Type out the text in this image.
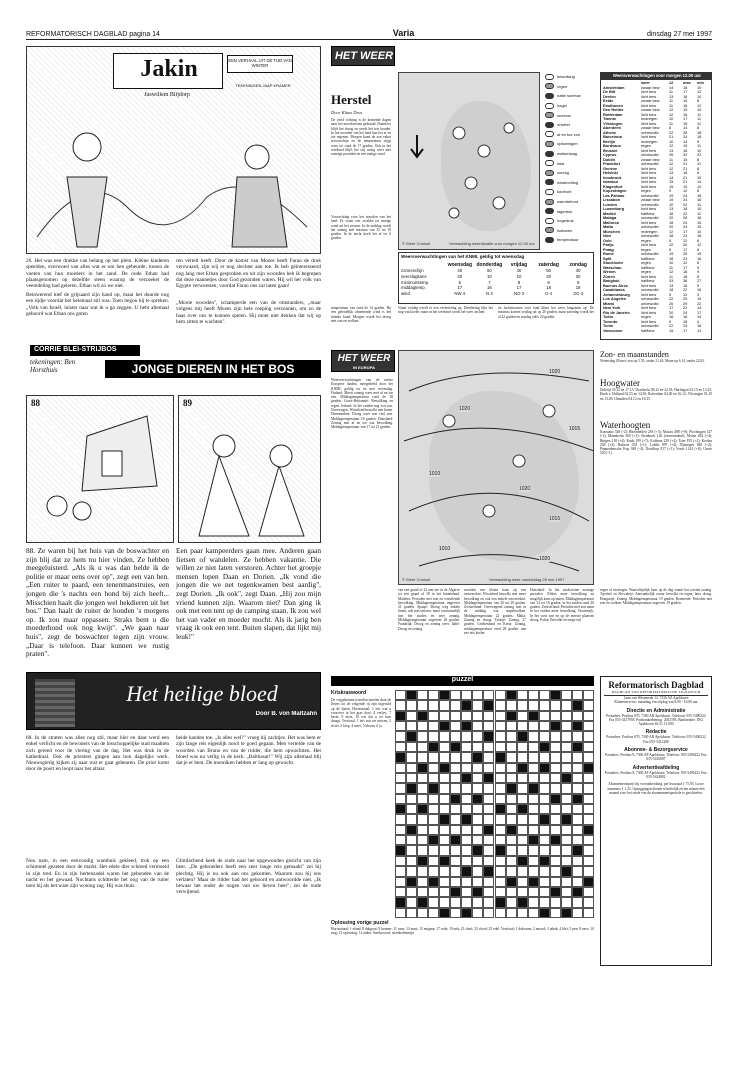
REFORMATORISCH DAGBLAD pagina 14	Varia	dinsdag 27 mei 1997
Jakin	EEN VERHAAL UIT DE TIJD VAN WINTER
Juswillem Blijdorp
TEKENINGEN JAAP KRAMER
26. Het was een drukke van belang op het plein. Kleine kinderen speelden, overwoed van alles wat er om hen gebeurde, tussen de voeten van hun moeders in het zand. De oude Ethan had plaatsgenomen op dezelfde steen waarop de verzoeker de veemdeling had geleren. Ethan wil zo we niet.
ren vertelt heeft. Door de komst van Mozes heeft Farao de druk verzwaard, zijn wij er nog slechter aan toe. Ik heb geïnteresseerd nog lang met Ethan gesproken en uit zijn woorden heb ik begrepen dat deze mannetjes door God gezonden waren. Hij wil het volk van Egypte verwoesten, voordat Farao ons zal laten gaan!
Beinwerend hief de grijsaard zijn hand op, maar het duurde nog een tijdje voordat het helemaal stil was. Toen begon hij te spreken. „Volk van Israël, luister naar wat ik u ga zeggen. U hebt allemaal gehoord wat Ethan ons goten
„Mooie woorden", schamperde een van de omstanders, „maar volgens mij heeft Mozes zijn hele roeping verzonnen, om zo de baas over ons te kunnen spelen. Hij moet niet denken dat wij op hem zitten te wachten".
CORRIE BLEI-STRIJBOS
tekeningen: Ben Horsthuis	JONGE DIEREN IN HET BOS
88	89
88. Ze waren bij het huis van de boswachter en zijn blij dat ze hem nu hier vinden. Ze hebben meegeluisterd. „Als ik u was dan belde ik de politie er maar eens over op", zegt een van hen. „Een ruiter te paard, een tenenmanstruies, een jongen die 's nachts een hond bij zich heeft... Misschien haalt die jongen wel hekdieren uit het bos." Dan haalt de ruiter de honden 's morgens op. Ik zou maar oppassen. Straks bent u die moederhond ook nog kwijt". „We gaan naar huis", zegt de boswachter tegen zijn vrouw. „Daar is telefoon. Daar kunnen we rustig praten".
Een paar kampeerders gaan mee. Anderen gaan fietsen of wandelen. Ze hebben vakantie. Die willen ze niet laten verstoren. Achter het groepje mensen lopen Daan en Dorien. „Ik vond die jongen die we net tegenkwamen best aardig", zegt Dorien. „Ik ook", zegt Daan. „Hij zou mijn vriend kunnen zijn. Waarom niet? Dan ging ik ook met een tent op de camping staan. Ik zou wel het van vader en moeder mocht. Als ik jarig ben vraag ik ook een tent. Buiten slapen, dat lijkt mij leuk!"
Het heilige bloed
Door B. von Maltzahn
68. In de straten was alles nog stil, maar hier en daar werd een enkel verlicht en de bewoners van de bisschoppelijke stad maakten zich gereed voor de viering van de dag. Het was druk in de kathedraal. Ook de priesters gingen aan hun dagelijks werk. Nieuwsgierig kijken zij naar wat er gaat gebeuren. De prior komt door de poort en loopt naar het altaar.
beide handen toe. „Is alles wel?" vroeg hij zachtjes. Het was hem er zijn lange reis eigenlijk nooit te goed gegaan. Men vertelde van de woorden van Bruno en van de ridder, die hem opwachtten. Het bloed was nu veilig in de kerk. „Balthasar!" Wij zijn allemaal blij dat je er bent. De monniken hebben er lang op gewacht.
Non nam, in een eenvoudig wambuis gekleed, trok op een schimmel gezeten door de markt. Het edele dier schreed vermoeid in zijn tred. En in zijn hertenzadel waren het gebonden van de nacht en het gewaad. Nochtans schitterde het oog van de ruiter toen hij als het ware zijn woning zag. Hij was thuis.
Glimlachend keek de oude naar het opgewonden gezicht van zijn heer. „De gebroeders heeft een zeer lange reis gemaakt" zei hij plechtig. Hij is nu ook aan ons gekomen. Waarom zou hij ons verlaten? Maar de ridder had het gehoord en antwoordde niet. „Ik bewaar het onder de oogen van uw lieven heer", zei de oude verwijtend.
HET WEER
Herstel
Door Klaas Dros
De wind richting is de komende dagen naar het noordwesten gedraaid. Daardoor blijft het droog en wordt het iets kouder. In het noorden van het land kan het af en toe regenen. Morgen komt de zon vaker tevoorschijn en de temperatuur stijgt weer tot rond de 17 graden. Ook in het weekend blijft het vrij rustig weer met zonnige perioden en een matige wind.
Verwachting voor het noorden van het land. Er waait een zwakke tot matige wind uit het westen. In de middag wordt het zonnig met maxima van 15 tot 18 graden. In de nacht koelt het af tot 6 graden.
© Weer Consult	Verwachting weersituatie voor morgen 12.00 uur
bewolking
regen
natte sneeuw
hagel
sneeuw
onweer
af en toe zon
opklaringen
wolkenlaag
mist
zonnig
windrichting
koufront
warmtefront
lagedruk
hogedruk
isobaren
temperatuur
Weersverwachtingen van het KNMI, geldig tot woensdag
woensdag donderdag	vrijdag	zaterdag	zondag
zonneschijn	40	50	40	50	40
neerslagkans	20	10	10	20	30
minimumtemp.	6	7	8	8	9
middagtemp.	17	16	17	18	18
wind	NW 4	N 3	NO 3	O 4	ZO 4
temperatuur van rond de 14 graden. Bij een geleidelijk afnemende wind is het minder koud. Morgen wordt het droog met zon en wolken.
Vanaf vrijdag treedt er een verbetering op. Donderdag lijkt het nog wat koeler, maar in het weekend wordt het weer zachter.
en luchtstromen over land klimt het weer langzaam op. De maxima komen vrijdag uit op 20 graden, maar zaterdag wordt het al 22 graden en zondag zelfs 24 graden.
Weersverwachtingen voor morgen 12.00 uur
weer	12	max	min
Amsterdam	zwaar bew	14	18	10
De Bilt	licht bew	11	17	12
Deelen	licht bew	13	16	10
Eelde	zwaar bew	11	15	8
Eindhoven	licht bew	11	18	12
Den Helder	zwaar bew	12	15	10
Rotterdam	licht bew	12	18	11
Twente	motregen	10	17	11
Vlissingen	licht bew	11	15	11
Aberdeen	zwaar bew	8	14	8
Athene	onbewolkt	22	28	18
Barcelona	licht bew	21	24	18
Berlijn	motregen	10	14	9
Bordeaux	regen	12	19	11
Brussel	licht bew	13	18	10
Cyprus	onbewolkt	26	32	22
Dublin	zwaar bew	11	15	8
Frankfurt	onbewolkt	12	21	11
Genève	licht bew	12	21	8
Helsinki	licht bew	13	18	8
Innsbruck	licht bew	14	21	10
Istanbul	licht bew	15	21	14
Klagenfurt	licht bew	15	19	10
Kopenhagen	regen	9	12	8
Las Palmas	onbewolkt	19	24	18
Lissabon	zwaar bew	19	24	16
Londen	onbewolkt	10	22	11
Luxemburg	licht bew	13	18	10
Madrid	halfbew	16	22	11
Malaga	onbewolkt	20	26	18
Mallorca	licht bew	18	24	15
Malta	onbewolkt	20	24	15
München	motregen	12	17	10
Nice	onbewolkt	18	23	16
Oslo	regen	9	12	6
Parijs	licht bew	12	20	12
Praag	regen	9	17	8
Rome	onbewolkt	19	25	15
Split	halfbew	18	23	16
Stockholm	regen	10	12	6
Warschau	halfbew	11	17	9
Wenen	regen	12	18	9
Zürich	licht bew	11	18	8
Bangkok	halfbew	33	36	27
Buenos Aires	licht bew	13	18	9
Casablanca	onbewolkt	18	22	16
Johannesburg	licht bew	5	12	3
Los Angeles	onbewolkt	22	25	15
Miami	onbewolkt	26	29	22
New York	licht bew	17	22	14
Rio de Janeiro	licht bew	20	24	17
Tokio	regen	16	18	14
Toronto	licht bew	9	18	4
Tunis	onbewolkt	22	24	16
Vancouver	halfbew	15	17	13
HET WEER
IN EUROPA
Weersverwachtingen van de meteo Europese landen, meegedeeld door het KNMI, geldig tot en met woensdag. Finland: Meest zonnig weer met af en toe een. Middagtemperatuur rond de 18 graden. Groot-Brittannië: Bewolking en regen. Ierland: In het zuiden nog wat zon. Noorwegen: Wisselend bewolkt met buien. Denemarken: Droog weer met veel zon. Middagtemperatuur 16 graden. Duitsland: Zonnig met af en toe wat bewolking. Middagtemperatuur van 17 tot 21 graden.
1020
1020
1015
1010
1020
1015
1010
1020
© Weer Consult	Verwachting weer vanmiddag 28 mei 1997
van een graad of 22 aan zee in de Algarve tot een graad of 30 in het binnenland. Madeira: Perioden met zon en wisselende bewolking. Middagtemperatuur ongeveer 21 graden. Spanje: Droog weg enkele buien, ook met onweer, maar voornamelijk met het zuiden en zeer zonnig. Middagtemperatuur ongeveer 20 graden. Frankrijk: Droog en zonnig weer. Italië: Droog en zonnig.
noorden een kleine kans op een onweersbui. Wisselend bewolkt met meer bewolking en ook een enkele onweersbui. Middagtemperatuur van 20 tot 28 graden. Zwitserland: Overwegend zonnig met in de middag wat stapelwolken. Middagtemperatuur 22 graden. Malta: Zonnig en droog. Turkije: Zonnig, 27 graden. Griekenland en Kreta: Zonnig, middagtemperatuur rond 28 graden, aan zee iets koeler.
Duitsland: In het zuidwesten zonnige perioden. Elders meer bewolking en mogelijk kans op buien. Middagtemperatuur van 13 tot 18 graden, in het zuiden rond 20 graden. Zwitserland: Perioden met zon maar in het zuiden meer bewolking. Oostenrijk: In het west zon en op de meeste plaatsen droog. Polen: Bewolkt en enige ruil
regen of motregen. Waarschijnlijk later op de dag vanuit het westen zonnig. Tsjechië en Slowakije: Aanvankelijk zwaar bewolkt en regen, later droog. Hongarije: Zonnig. Middagtemperatuur 19 graden. Roemenië: Perioden met zon en wolken. Middagtemperatuur ongeveer 19 graden.
Zon- en maanstanden
Woensdag 28 mei: zon op 5.35, onder 21.44. Maan op 6.14, onder 22.03.
Hoogwater
Delfzijl 05.32 en 17.15; Dordrecht 09.22 en 22.03; Harlingen 03.15 en 15.45; Hoek v. Holland 02.55 en 14.56; Rotterdam 04.00 en 16.12; Vlissingen 01.29 en 13.49; IJmuiden 04.12 en 16.35.
Waterhoogten
Konstanz 348 (-2); Rheinfelden 258 (+3); Maxau 488 (+9); Plochingen 147 (-1); Mannheim 300 (+1); Steinbach 126 (onveranderd); Mainz 284 (+4); Bingen 218 (+4); Kaub 199 (+7); Koblenz 239 (+4); Trier 195 (+2); Keulen 258 (+3); Ruhrort 354 (+1); Lobith 997 (+4); Nijmegen 848 (+2); Pannerdensche Kop 949 (-4); IJsselkop 817 (+1); Venlo 1144 (+8); Grave 520 (-1).
puzzel
Kriskraswoord
De vrijgekomen woorden moeten door de letters uit de volgende rij zijn ingevuld op de lijnen. Horizontaal: 1 iets wat u voorover in het gras doet, 4 verlies, 7 beste, 9 niets, 10 iets dat u tot huis draagt. Verticaal: 1 iets wat we missen, 2 rivier, 3 klop, 4 meer, 5 bloem, 6 ja.
Oplossing vorige puzzel
Horizontaal: 1 eland; 6 dakgoot; 9 kramer; 11 toon; 13 mast; 15 enigma; 17 rode; 19 nek; 21 sleuf; 23 vloed; 25 edel. Verticaal: 1 dakvorm; 2 moord; 3 tabak; 4 klei; 5 pen; 8 nero; 10 ruig; 12 oplossing; 14 anker. Steekwoord: steenkolenmijn
Reformatorisch Dagblad
DAGBLAD VAN REFORMATORISCHE SIGNATUUR
Laan van Westenenk 12, 7336 AZ Apeldoorn
Klantenservice: maandag t/m vrijdag van 8.00 - 16.00 uur
Directie en Administratie
Postadres: Postbus 670, 7300 AR Apeldoorn. Telefoon: 055-5490222 Fax 055-5417958. Postbankrekening: 2052393. Bankrelatie: ING Apeldoorn 62.51.13.000
Redactie
Postadres: Postbus 670, 7300 AR Apeldoorn. Telefoon: 055-5490222 Fax 055-5412288
Abonnee- & Bezorgservice
Postadres: Postbus 8, 7300 AP Apeldoorn. Telefoon: 055-5490222 Fax: 055-5416687
Advertentieafdeling
Postadres: Postbus 8, 7300 AP Apeldoorn. Telefoon: 055-5490222 Fax: 055-5424802
Abonnementsprijs bij vooruitbetaling: per kwartaal ƒ 75,95. Losse nummers ƒ 1,25. Opzeggingen dienen schriftelijk en ten minste één maand voor het einde van de abonnementsperiode te geschieden.
